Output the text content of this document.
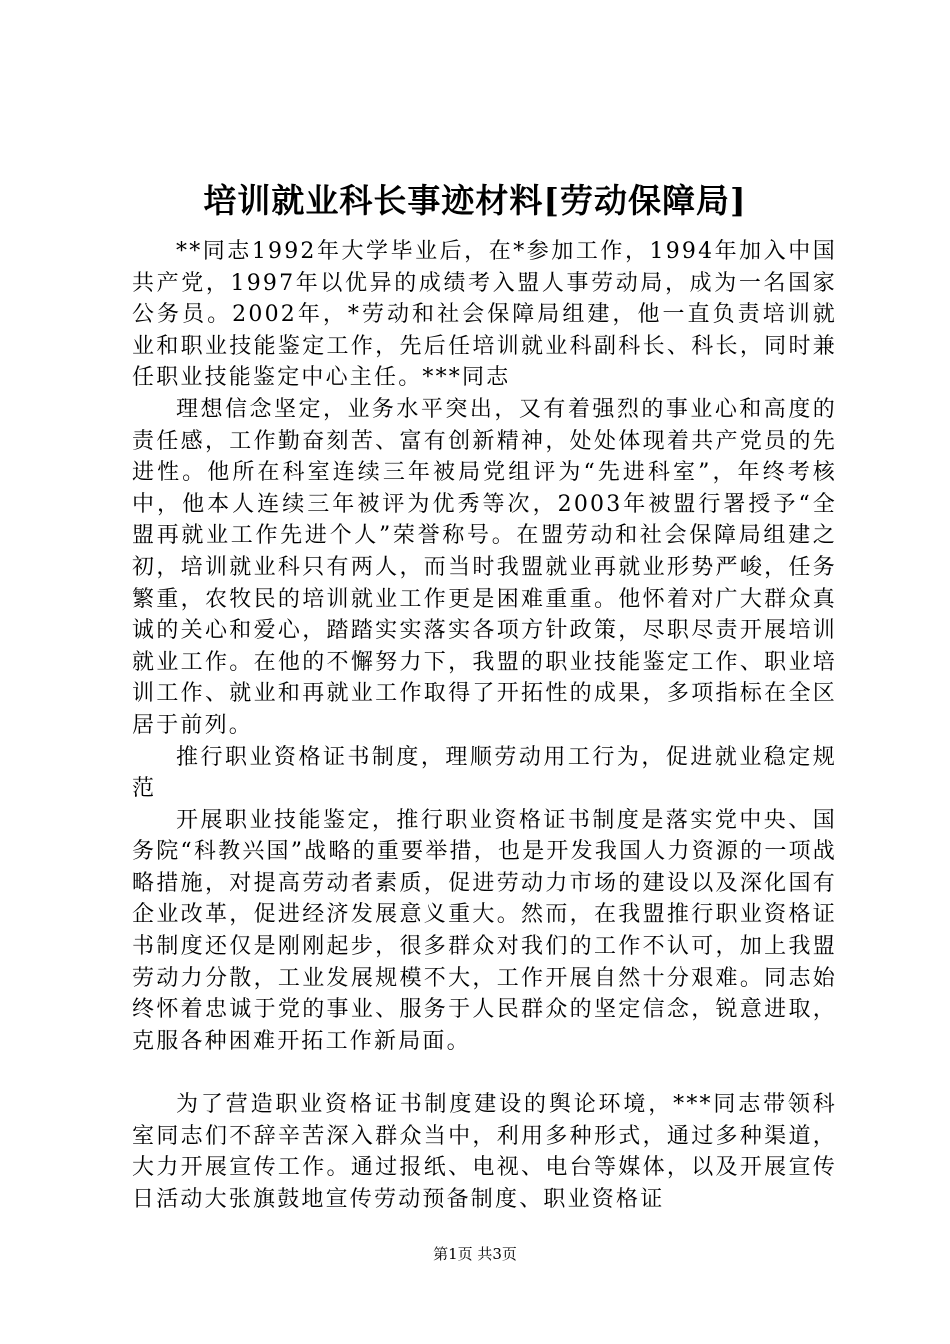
培训就业科长事迹材料[劳动保障局]

**同志1992年大学毕业后，在*参加工作，1994年加入中国共产党，1997年以优异的成绩考入盟人事劳动局，成为一名国家公务员。2002年，*劳动和社会保障局组建，他一直负责培训就业和职业技能鉴定工作，先后任培训就业科副科长、科长，同时兼任职业技能鉴定中心主任。***同志

理想信念坚定，业务水平突出，又有着强烈的事业心和高度的责任感，工作勤奋刻苦、富有创新精神，处处体现着共产党员的先进性。他所在科室连续三年被局党组评为“先进科室”，年终考核中，他本人连续三年被评为优秀等次，2003年被盟行署授予“全盟再就业工作先进个人”荣誉称号。在盟劳动和社会保障局组建之初，培训就业科只有两人，而当时我盟就业再就业形势严峻，任务繁重，农牧民的培训就业工作更是困难重重。他怀着对广大群众真诚的关心和爱心，踏踏实实落实各项方针政策，尽职尽责开展培训就业工作。在他的不懈努力下，我盟的职业技能鉴定工作、职业培训工作、就业和再就业工作取得了开拓性的成果，多项指标在全区居于前列。

推行职业资格证书制度，理顺劳动用工行为，促进就业稳定规范

开展职业技能鉴定，推行职业资格证书制度是落实党中央、国务院“科教兴国”战略的重要举措，也是开发我国人力资源的一项战略措施，对提高劳动者素质，促进劳动力市场的建设以及深化国有企业改革，促进经济发展意义重大。然而，在我盟推行职业资格证书制度还仅是刚刚起步，很多群众对我们的工作不认可，加上我盟劳动力分散，工业发展规模不大，工作开展自然十分艰难。同志始终怀着忠诚于党的事业、服务于人民群众的坚定信念，锐意进取，克服各种困难开拓工作新局面。

为了营造职业资格证书制度建设的舆论环境，***同志带领科室同志们不辞辛苦深入群众当中，利用多种形式，通过多种渠道，大力开展宣传工作。通过报纸、电视、电台等媒体，以及开展宣传日活动大张旗鼓地宣传劳动预备制度、职业资格证

第1页 共3页
